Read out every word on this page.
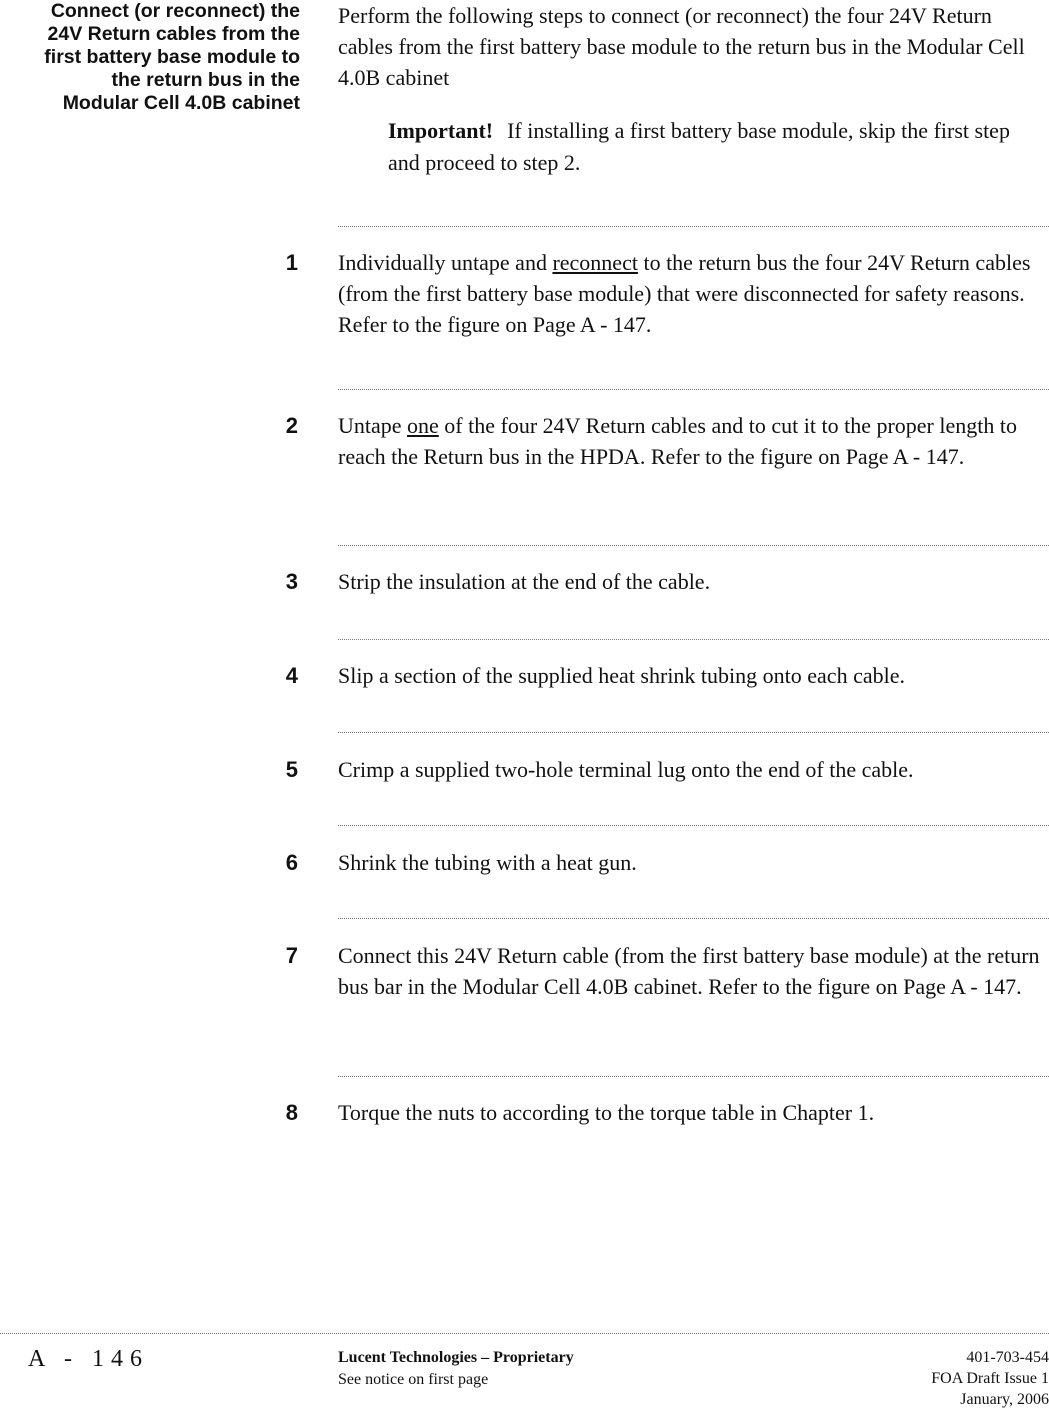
Connect (or reconnect) the
24V Return cables from the
first battery base module to
the return bus in the
Modular Cell 4.0B cabinet
Perform the following steps to connect (or reconnect) the four 24V Return cables from the first battery base module to the return bus in the Modular Cell 4.0B cabinet
Important! If installing a first battery base module, skip the first step and proceed to step 2.
1 Individually untape and reconnect to the return bus the four 24V Return cables (from the first battery base module) that were disconnected for safety reasons. Refer to the figure on Page A - 147.
2 Untape one of the four 24V Return cables and to cut it to the proper length to reach the Return bus in the HPDA. Refer to the figure on Page A - 147.
3 Strip the insulation at the end of the cable.
4 Slip a section of the supplied heat shrink tubing onto each cable.
5 Crimp a supplied two-hole terminal lug onto the end of the cable.
6 Shrink the tubing with a heat gun.
7 Connect this 24V Return cable (from the first battery base module) at the return bus bar in the Modular Cell 4.0B cabinet. Refer to the figure on Page A - 147.
8 Torque the nuts to according to the torque table in Chapter 1.
A - 146	Lucent Technologies – Proprietary
See notice on first page
401-703-454
FOA Draft Issue 1
January, 2006
